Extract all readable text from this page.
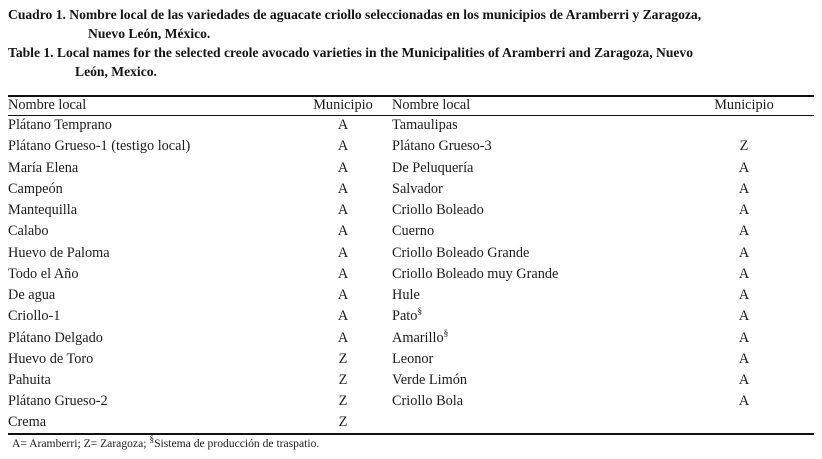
Cuadro 1. Nombre local de las variedades de aguacate criollo seleccionadas en los municipios de Aramberri y Zaragoza,
Nuevo León, México.
Table 1. Local names for the selected creole avocado varieties in the Municipalities of Aramberri and Zaragoza, Nuevo
León, Mexico.
Nombre local	Municipio	Nombre local	Municipio
Plátano Temprano	A	Tamaulipas	
Plátano Grueso-1 (testigo local)	A	Plátano Grueso-3	Z
María Elena	A	De Peluquería	A
Campeón	A	Salvador	A
Mantequilla	A	Criollo Boleado	A
Calabo	A	Cuerno	A
Huevo de Paloma	A	Criollo Boleado Grande	A
Todo el Año	A	Criollo Boleado muy Grande	A
De agua	A	Hule	A
Criollo-1	A	Pato§	A
Plátano Delgado	A	Amarillo§	A
Huevo de Toro	Z	Leonor	A
Pahuita	Z	Verde Limón	A
Plátano Grueso-2	Z	Criollo Bola	A
Crema	Z		
A= Aramberri; Z= Zaragoza; §Sistema de producción de traspatio.
